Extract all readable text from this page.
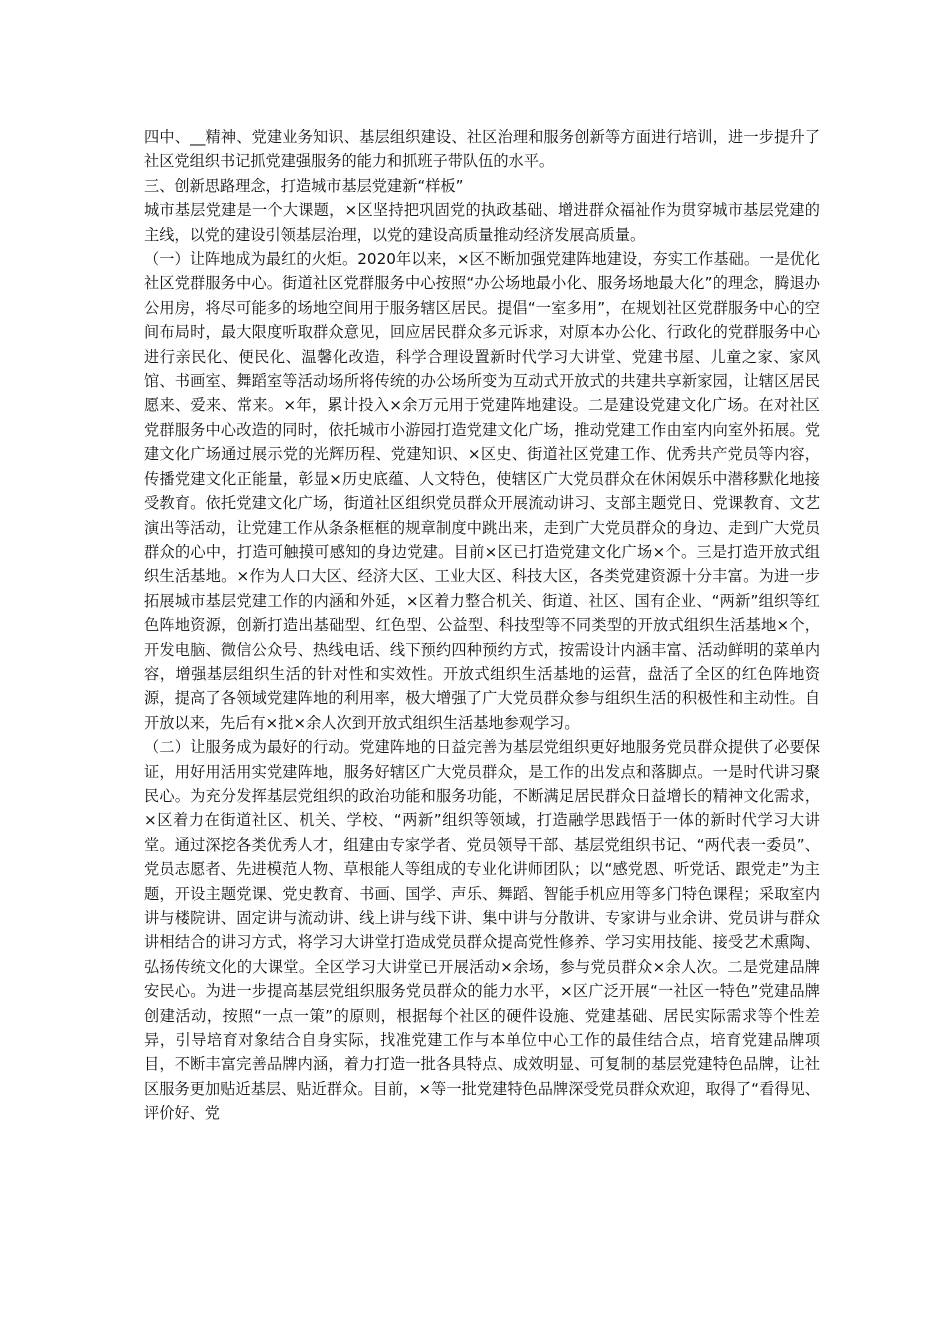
四中、__精神、党建业务知识、基层组织建设、社区治理和服务创新等方面进行培训，进一步提升了社区党组织书记抓党建强服务的能力和抓班子带队伍的水平。

三、创新思路理念，打造城市基层党建新“样板”

城市基层党建是一个大课题，×区坚持把巩固党的执政基础、增进群众福祉作为贯穿城市基层党建的主线，以党的建设引领基层治理，以党的建设高质量推动经济发展高质量。

（一）让阵地成为最红的火炬。2020年以来，×区不断加强党建阵地建设，夯实工作基础。一是优化社区党群服务中心。街道社区党群服务中心按照“办公场地最小化、服务场地最大化”的理念，腾退办公用房，将尽可能多的场地空间用于服务辖区居民。提倡“一室多用”，在规划社区党群服务中心的空间布局时，最大限度听取群众意见，回应居民群众多元诉求，对原本办公化、行政化的党群服务中心进行亲民化、便民化、温馨化改造，科学合理设置新时代学习大讲堂、党建书屋、儿童之家、家风馆、书画室、舞蹈室等活动场所将传统的办公场所变为互动式开放式的共建共享新家园，让辖区居民愿来、爱来、常来。×年，累计投入×余万元用于党建阵地建设。二是建设党建文化广场。在对社区党群服务中心改造的同时，依托城市小游园打造党建文化广场，推动党建工作由室内向室外拓展。党建文化广场通过展示党的光辉历程、党建知识、×区史、街道社区党建工作、优秀共产党员等内容，传播党建文化正能量，彰显×历史底蕴、人文特色，使辖区广大党员群众在休闲娱乐中潜移默化地接受教育。依托党建文化广场，街道社区组织党员群众开展流动讲习、支部主题党日、党课教育、文艺演出等活动，让党建工作从条条框框的规章制度中跳出来，走到广大党员群众的身边、走到广大党员群众的心中，打造可触摸可感知的身边党建。目前×区已打造党建文化广场×个。三是打造开放式组织生活基地。×作为人口大区、经济大区、工业大区、科技大区，各类党建资源十分丰富。为进一步拓展城市基层党建工作的内涵和外延，×区着力整合机关、街道、社区、国有企业、“两新”组织等红色阵地资源，创新打造出基础型、红色型、公益型、科技型等不同类型的开放式组织生活基地×个，开发电脑、微信公众号、热线电话、线下预约四种预约方式，按需设计内涵丰富、活动鲜明的菜单内容，增强基层组织生活的针对性和实效性。开放式组织生活基地的运营，盘活了全区的红色阵地资源，提高了各领域党建阵地的利用率，极大增强了广大党员群众参与组织生活的积极性和主动性。自开放以来，先后有×批×余人次到开放式组织生活基地参观学习。

（二）让服务成为最好的行动。党建阵地的日益完善为基层党组织更好地服务党员群众提供了必要保证，用好用活用实党建阵地，服务好辖区广大党员群众，是工作的出发点和落脚点。一是时代讲习聚民心。为充分发挥基层党组织的政治功能和服务功能，不断满足居民群众日益增长的精神文化需求，×区着力在街道社区、机关、学校、“两新”组织等领域，打造融学思践悟于一体的新时代学习大讲堂。通过深挖各类优秀人才，组建由专家学者、党员领导干部、基层党组织书记、“两代表一委员”、党员志愿者、先进模范人物、草根能人等组成的专业化讲师团队；以“感党恩、听党话、跟党走”为主题，开设主题党课、党史教育、书画、国学、声乐、舞蹈、智能手机应用等多门特色课程；采取室内讲与楼院讲、固定讲与流动讲、线上讲与线下讲、集中讲与分散讲、专家讲与业余讲、党员讲与群众讲相结合的讲习方式，将学习大讲堂打造成党员群众提高党性修养、学习实用技能、接受艺术熏陶、弘扬传统文化的大课堂。全区学习大讲堂已开展活动×余场，参与党员群众×余人次。二是党建品牌安民心。为进一步提高基层党组织服务党员群众的能力水平，×区广泛开展“一社区一特色”党建品牌创建活动，按照“一点一策”的原则，根据每个社区的硬件设施、党建基础、居民实际需求等个性差异，引导培育对象结合自身实际，找准党建工作与本单位中心工作的最佳结合点，培育党建品牌项目，不断丰富完善品牌内涵，着力打造一批各具特点、成效明显、可复制的基层党建特色品牌，让社区服务更加贴近基层、贴近群众。目前，×等一批党建特色品牌深受党员群众欢迎，取得了“看得见、评价好、党
